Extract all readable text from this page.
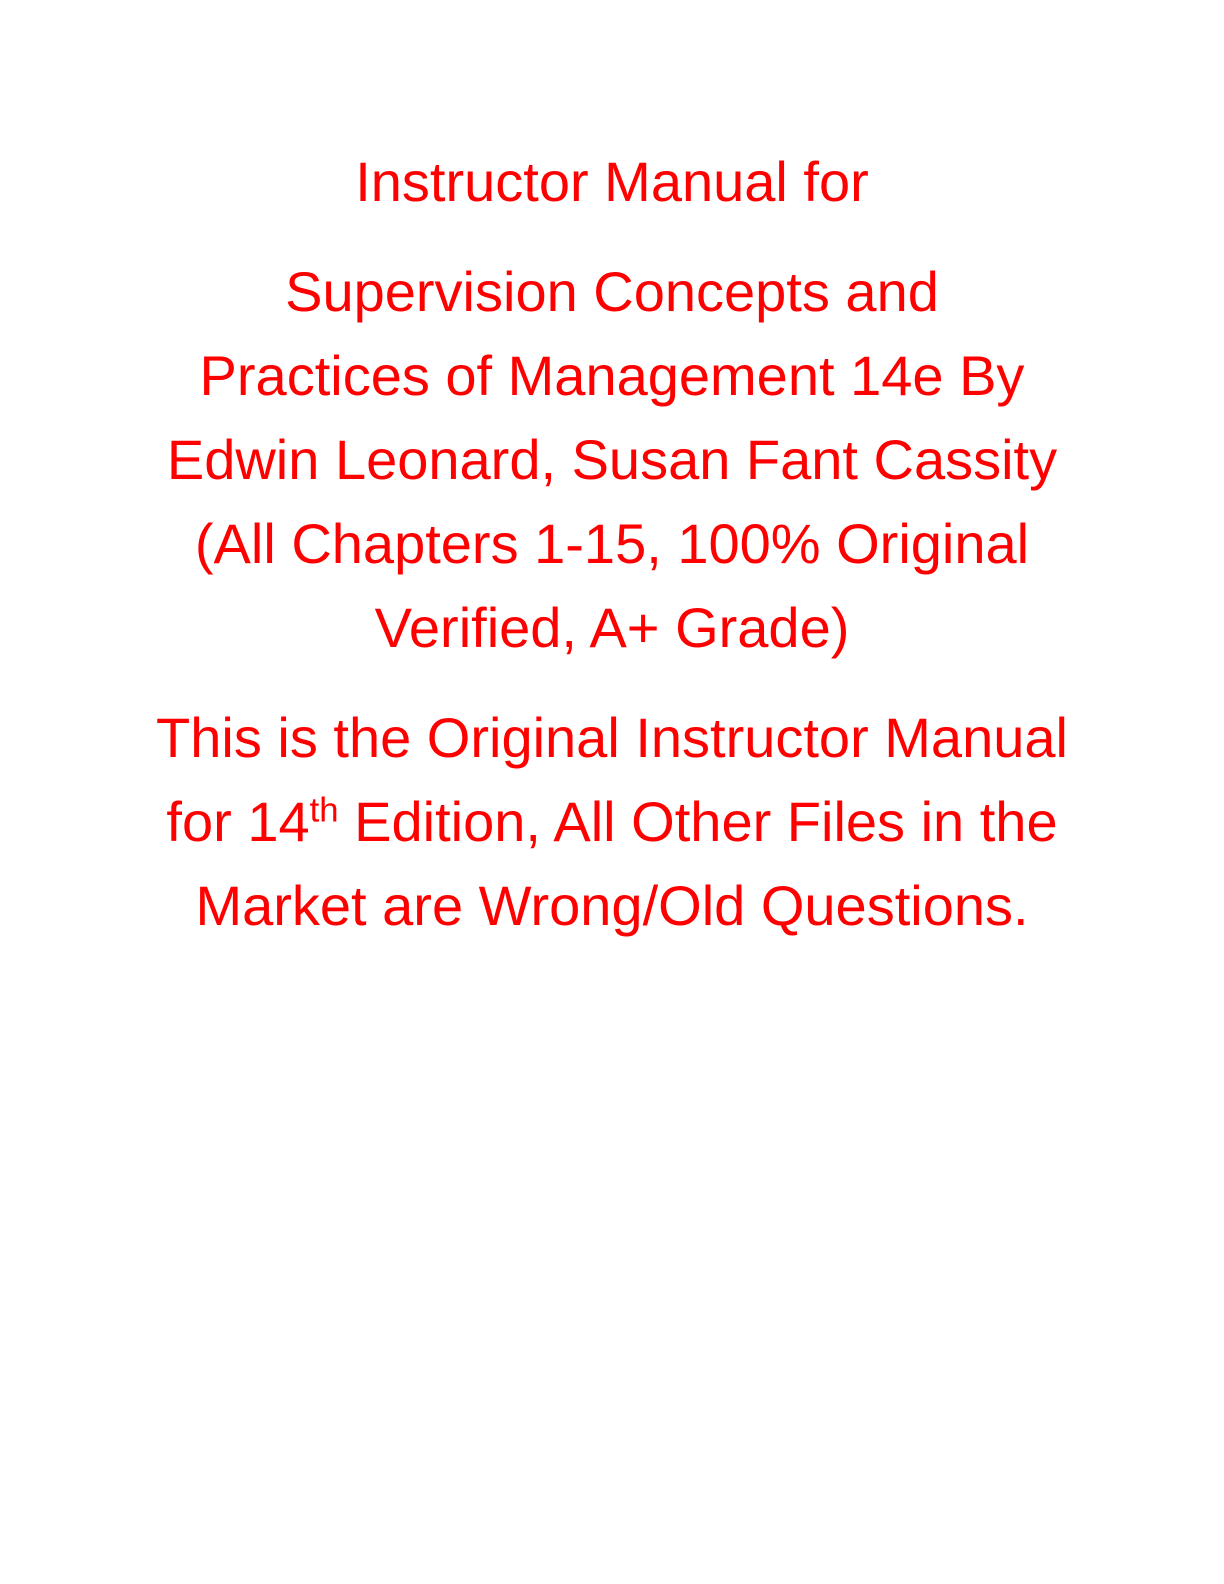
Instructor Manual for
Supervision Concepts and
Practices of Management 14e By
Edwin Leonard, Susan Fant Cassity
(All Chapters 1-15, 100% Original
Verified, A+ Grade)
This is the Original Instructor Manual
for 14th Edition, All Other Files in the
Market are Wrong/Old Questions.
